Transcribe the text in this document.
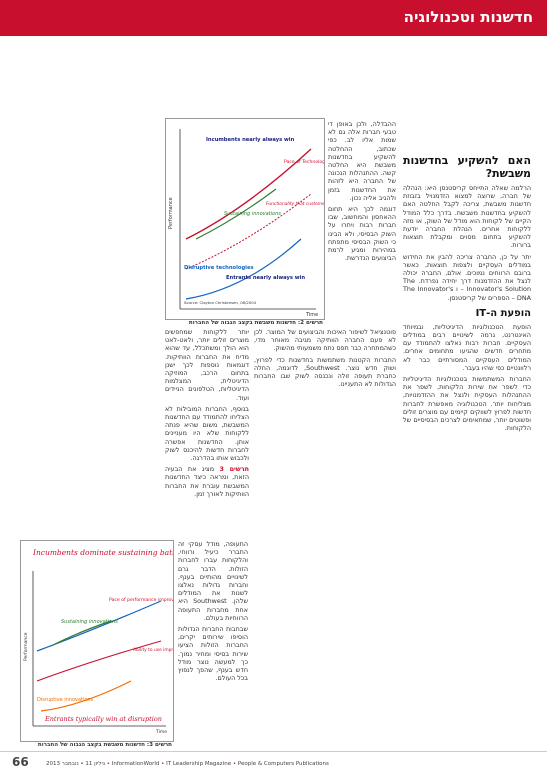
חדשנות וטכנולוגיה
האם להשקיע בחדשנות משבשת?

הרלמה שאלה התייחס קריסטנסן היא: הנהלה של חברה, שרוצה למצוא הזדמנויל בזבוזת חדשנות משבשת, צריכה לקבל החלטה האם להשקיע בחדשנות משבשת. בדרך כלל המודל הקיים של לקוחות הוא מודל של השוק, או מזה ללקוחות אחרים. הנהלת החברה יודעת להשקיע בתחום מסוים ומקבלת תוצאות ברורות.

יתר על כן, החברה צריכה להבין את החידוש במודלים העסקיים ולצפות תוצאות, כאשר ברובם הרווחים נמוכים. אולם, החברה יכולה לנצל את ההזדמנות דרך יחידה נפרדת. The Innovator's Solution – ו The Innovator's DNA – הספרים של קריסטנסן.

הופעת ה-IT

הופעת הטכנולוגיות הדיגיטליות, ובמיוחד האינטרנט, גרמה לשינויים רבים במודלים העסקיים. חברות רבות נאלצו להתמודד עם מתחרים חדשים שהגיעו מתחומים אחרים. המודלים העסקיים המסורתיים כבר לא רלוונטיים כפי שהיו בעבר.

החברות המשתמשות בטכנולוגיות הדיגיטליות כדי לשפר את שירות הלקוחות, לשפר את ההתנהלות העסקית ולנצל את ההזדמנויות, מצליחות יותר. הטכנולוגיה מאפשרת לחברות חדשות לפרוץ לשווקים קיימים עם מוצרים זולים ופשוטים יותר, שמתאימים לצרכים הבסיסיים של הלקוחות.

ההבדלה, ולכן באופן די טבעי חברות אלה גם לא שמות אליו לב. כפי שכתוב, ההחלטה להשקיע בחדשנות משבשת היא החלטה קשה. ההתנהלות הנכונה של החברה היא לזהות את החדשנות בזמן ולהגיב אליה נכון.

דוגמה לכך היא תחום ההאחסון והמחשוב, שבו חברות רבות ויתרו על השוק הבסיסי, ולא הבינו כי השוק הבסיסי מתפתח במהירות ומגיע לרמת הביצועים הנדרשת.

Performance
Time
Incumbents nearly always win
Sustaining innovations
Pace of Technolog
Functionality that custom
Disruptive technologies
Entrants nearly always win
Source: Clayton Christensen, 08/2004
תרשים 2: חדשנות משבשת בקצב הגבוה של החברות

פוטנציאל לשיפור האיכות והביצועים של המוצר. לכן לא פעם החברה הוותיקה מגיבה מאוחר מדי, כשהמתחרה כבר תפס נתח משמעותי מהשוק.

החברות הקטנות משתמשות בחדשנות כדי לפרוץ, ושוק חדש נוצר. Southwest, לדוגמה, החלה כחברת תעופה זולה ונכנסה לשוק שבו החברות הגדולות לא התעניינו.

יותר ללקוחות שמחפשים מוצרים זולים יותר, ולאט-לאט הוא הולך ומשתכלל, עד שהוא מדיח את החברות הוותיקות. דוגמאות נוספות לכך ישנן בתחום הרכב, המוזיקה הדיגיטלית, המצלמות הדיגיטליות, הטלפונים הניידים ועוד.

בנוסף, החברות המובילות לא הצליחו להתמודד עם החדשנות המשבשת, משום שהיא פנתה ללקוחות שלא היו מעניינים אותן. החדשנות אפשרה לחברות חדשות להיכנס לשוק ולכבוש אותו בהדרגה.

תרשים 3 מציג את הבעיה הזאת, ומראה כיצד החדשנות המשבשת עוברת את החברות הוותיקות לאורך זמן.

Incumbents dominate sustaining battles
Performance
Time
Sustaining innovations
Pace of performance impro
Ability to use imp
Disruptive innovations
Entrants typically win at disruption
תרשים 3: חדשנות משבשת בקצב הגבוה של החברות

התעופה, מודל עסקי זה התברר כיעיל ורווחי, והלקוחות עברו לחברות הזולות. הדבר גרם לשינויים מהותיים בענף, וחברות גדולות נאלצו לשנות את המודלים שלהן. Southwest היא אחת מחברות התעופה הרווחיות בעולם.

שבחבות החברות הגדולות הוסיפו שירותים יקרים, החברות הזולות הציעו שירות בסיסי ומחיר נמוך. כך למעשה נוצר מודל חדש בענף, שהפך לנפוץ בכל העולם.

66	גיליון 11 • נובמבר 2013 • InformationWorld • IT Leadership Magazine • People & Computers Publications
